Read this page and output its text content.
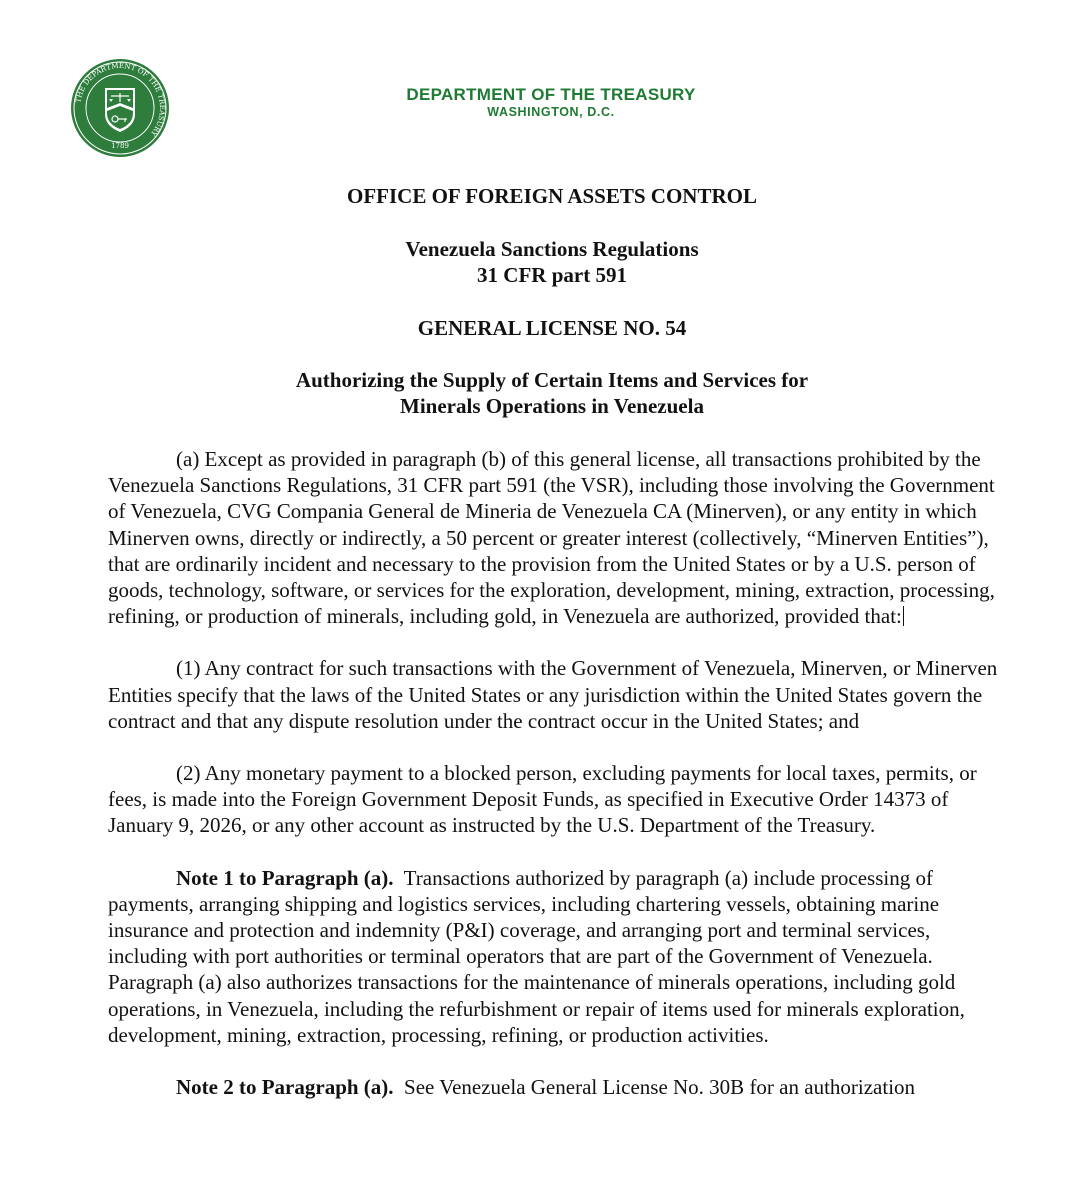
THE DEPARTMENT OF THE TREASURY
1789
DEPARTMENT OF THE TREASURY
WASHINGTON, D.C.
OFFICE OF FOREIGN ASSETS CONTROL
Venezuela Sanctions Regulations
31 CFR part 591
GENERAL LICENSE NO. 54
Authorizing the Supply of Certain Items and Services for
Minerals Operations in Venezuela

(a) Except as provided in paragraph (b) of this general license, all transactions prohibited by the Venezuela Sanctions Regulations, 31 CFR part 591 (the VSR), including those involving the Government of Venezuela, CVG Compania General de Mineria de Venezuela CA (Minerven), or any entity in which Minerven owns, directly or indirectly, a 50 percent or greater interest (collectively, “Minerven Entities”), that are ordinarily incident and necessary to the provision from the United States or by a U.S. person of goods, technology, software, or services for the exploration, development, mining, extraction, processing, refining, or production of minerals, including gold, in Venezuela are authorized, provided that:

(1) Any contract for such transactions with the Government of Venezuela, Minerven, or Minerven Entities specify that the laws of the United States or any jurisdiction within the United States govern the contract and that any dispute resolution under the contract occur in the United States; and

(2) Any monetary payment to a blocked person, excluding payments for local taxes, permits, or fees, is made into the Foreign Government Deposit Funds, as specified in Executive Order 14373 of January 9, 2026, or any other account as instructed by the U.S. Department of the Treasury.

Note 1 to Paragraph (a). Transactions authorized by paragraph (a) include processing of payments, arranging shipping and logistics services, including chartering vessels, obtaining marine insurance and protection and indemnity (P&I) coverage, and arranging port and terminal services, including with port authorities or terminal operators that are part of the Government of Venezuela. Paragraph (a) also authorizes transactions for the maintenance of minerals operations, including gold operations, in Venezuela, including the refurbishment or repair of items used for minerals exploration, development, mining, extraction, processing, refining, or production activities.

Note 2 to Paragraph (a). See Venezuela General License No. 30B for an authorization
